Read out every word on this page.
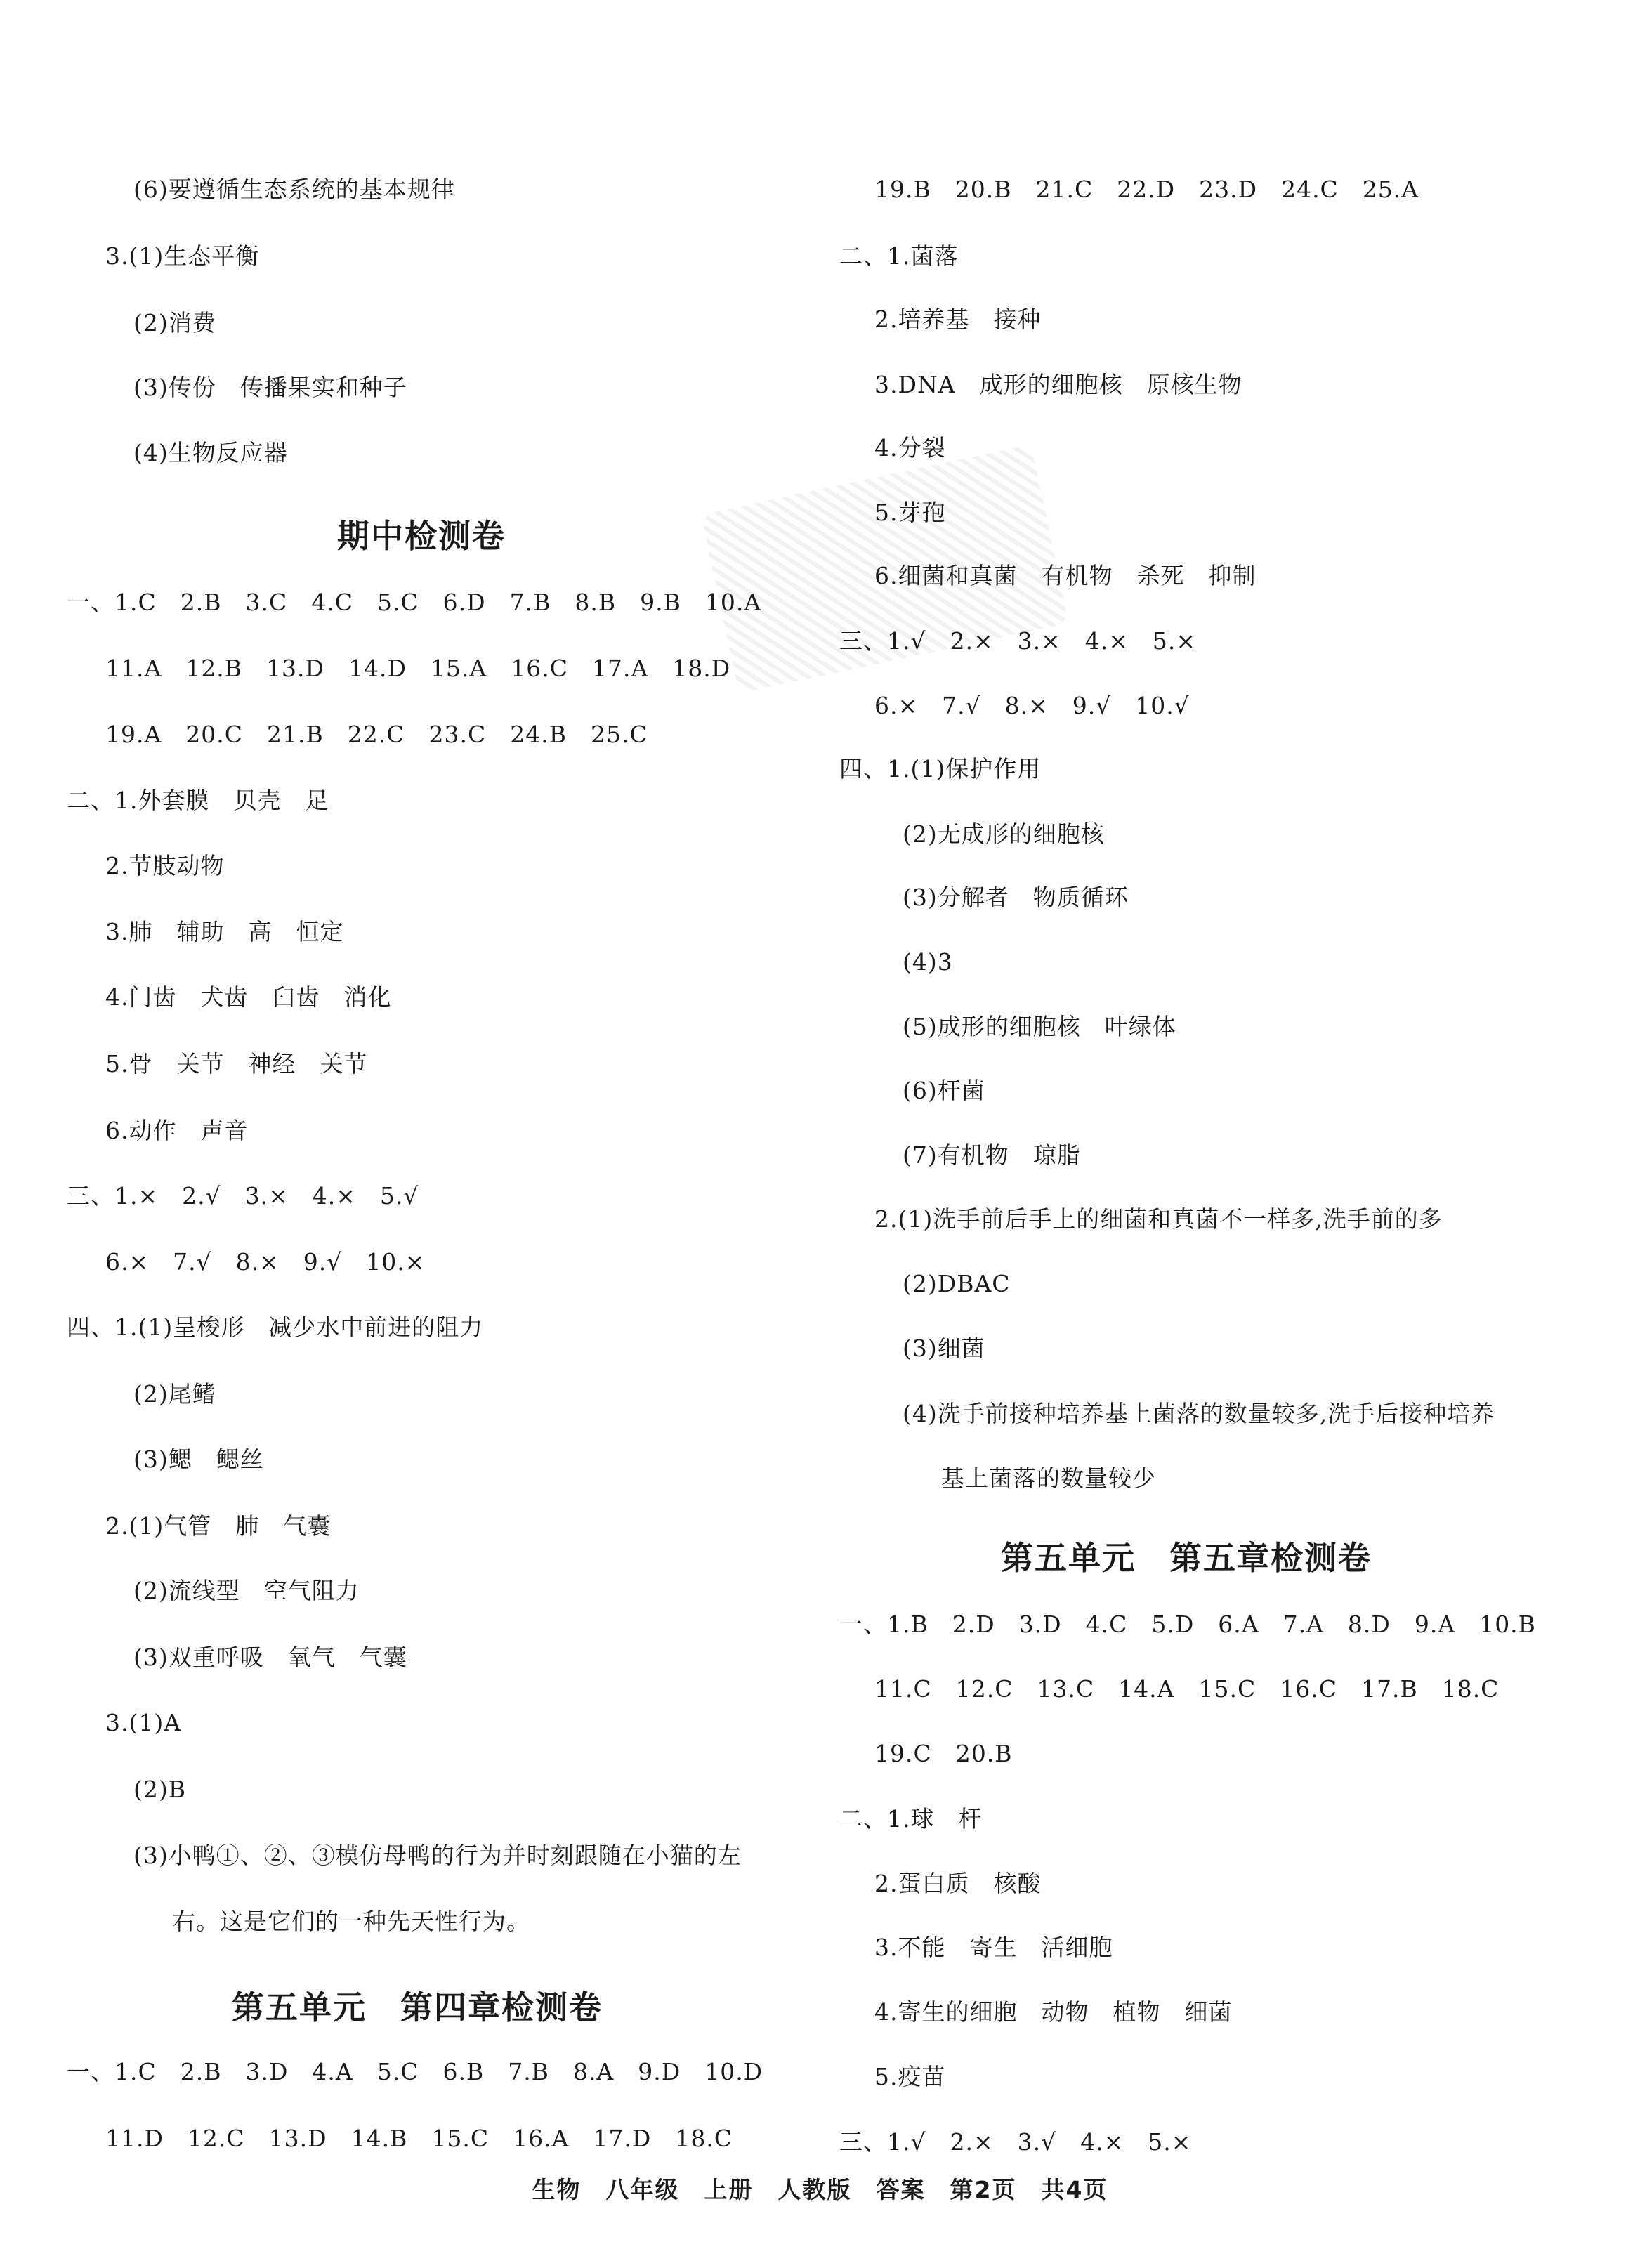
(6)要遵循生态系统的基本规律
3.(1)生态平衡
(2)消费
(3)传份　传播果实和种子
(4)生物反应器
期中检测卷
一、1.C　2.B　3.C　4.C　5.C　6.D　7.B　8.B　9.B　10.A
11.A　12.B　13.D　14.D　15.A　16.C　17.A　18.D
19.A　20.C　21.B　22.C　23.C　24.B　25.C
二、1.外套膜　贝壳　足
2.节肢动物
3.肺　辅助　高　恒定
4.门齿　犬齿　臼齿　消化
5.骨　关节　神经　关节
6.动作　声音
三、1.×　2.√　3.×　4.×　5.√
6.×　7.√　8.×　9.√　10.×
四、1.(1)呈梭形　减少水中前进的阻力
(2)尾鳍
(3)鳃　鳃丝
2.(1)气管　肺　气囊
(2)流线型　空气阻力
(3)双重呼吸　氧气　气囊
3.(1)A
(2)B
(3)小鸭①、②、③模仿母鸭的行为并时刻跟随在小猫的左
右。这是它们的一种先天性行为。
第五单元　第四章检测卷
一、1.C　2.B　3.D　4.A　5.C　6.B　7.B　8.A　9.D　10.D
11.D　12.C　13.D　14.B　15.C　16.A　17.D　18.C
19.B　20.B　21.C　22.D　23.D　24.C　25.A
二、1.菌落
2.培养基　接种
3.DNA　成形的细胞核　原核生物
4.分裂
5.芽孢
6.细菌和真菌　有机物　杀死　抑制
三、1.√　2.×　3.×　4.×　5.×
6.×　7.√　8.×　9.√　10.√
四、1.(1)保护作用
(2)无成形的细胞核
(3)分解者　物质循环
(4)3
(5)成形的细胞核　叶绿体
(6)杆菌
(7)有机物　琼脂
2.(1)洗手前后手上的细菌和真菌不一样多,洗手前的多
(2)DBAC
(3)细菌
(4)洗手前接种培养基上菌落的数量较多,洗手后接种培养
基上菌落的数量较少
第五单元　第五章检测卷
一、1.B　2.D　3.D　4.C　5.D　6.A　7.A　8.D　9.A　10.B
11.C　12.C　13.C　14.A　15.C　16.C　17.B　18.C
19.C　20.B
二、1.球　杆
2.蛋白质　核酸
3.不能　寄生　活细胞
4.寄生的细胞　动物　植物　细菌
5.疫苗
三、1.√　2.×　3.√　4.×　5.×
生物　八年级　上册　人教版　答案　第2页　共4页
